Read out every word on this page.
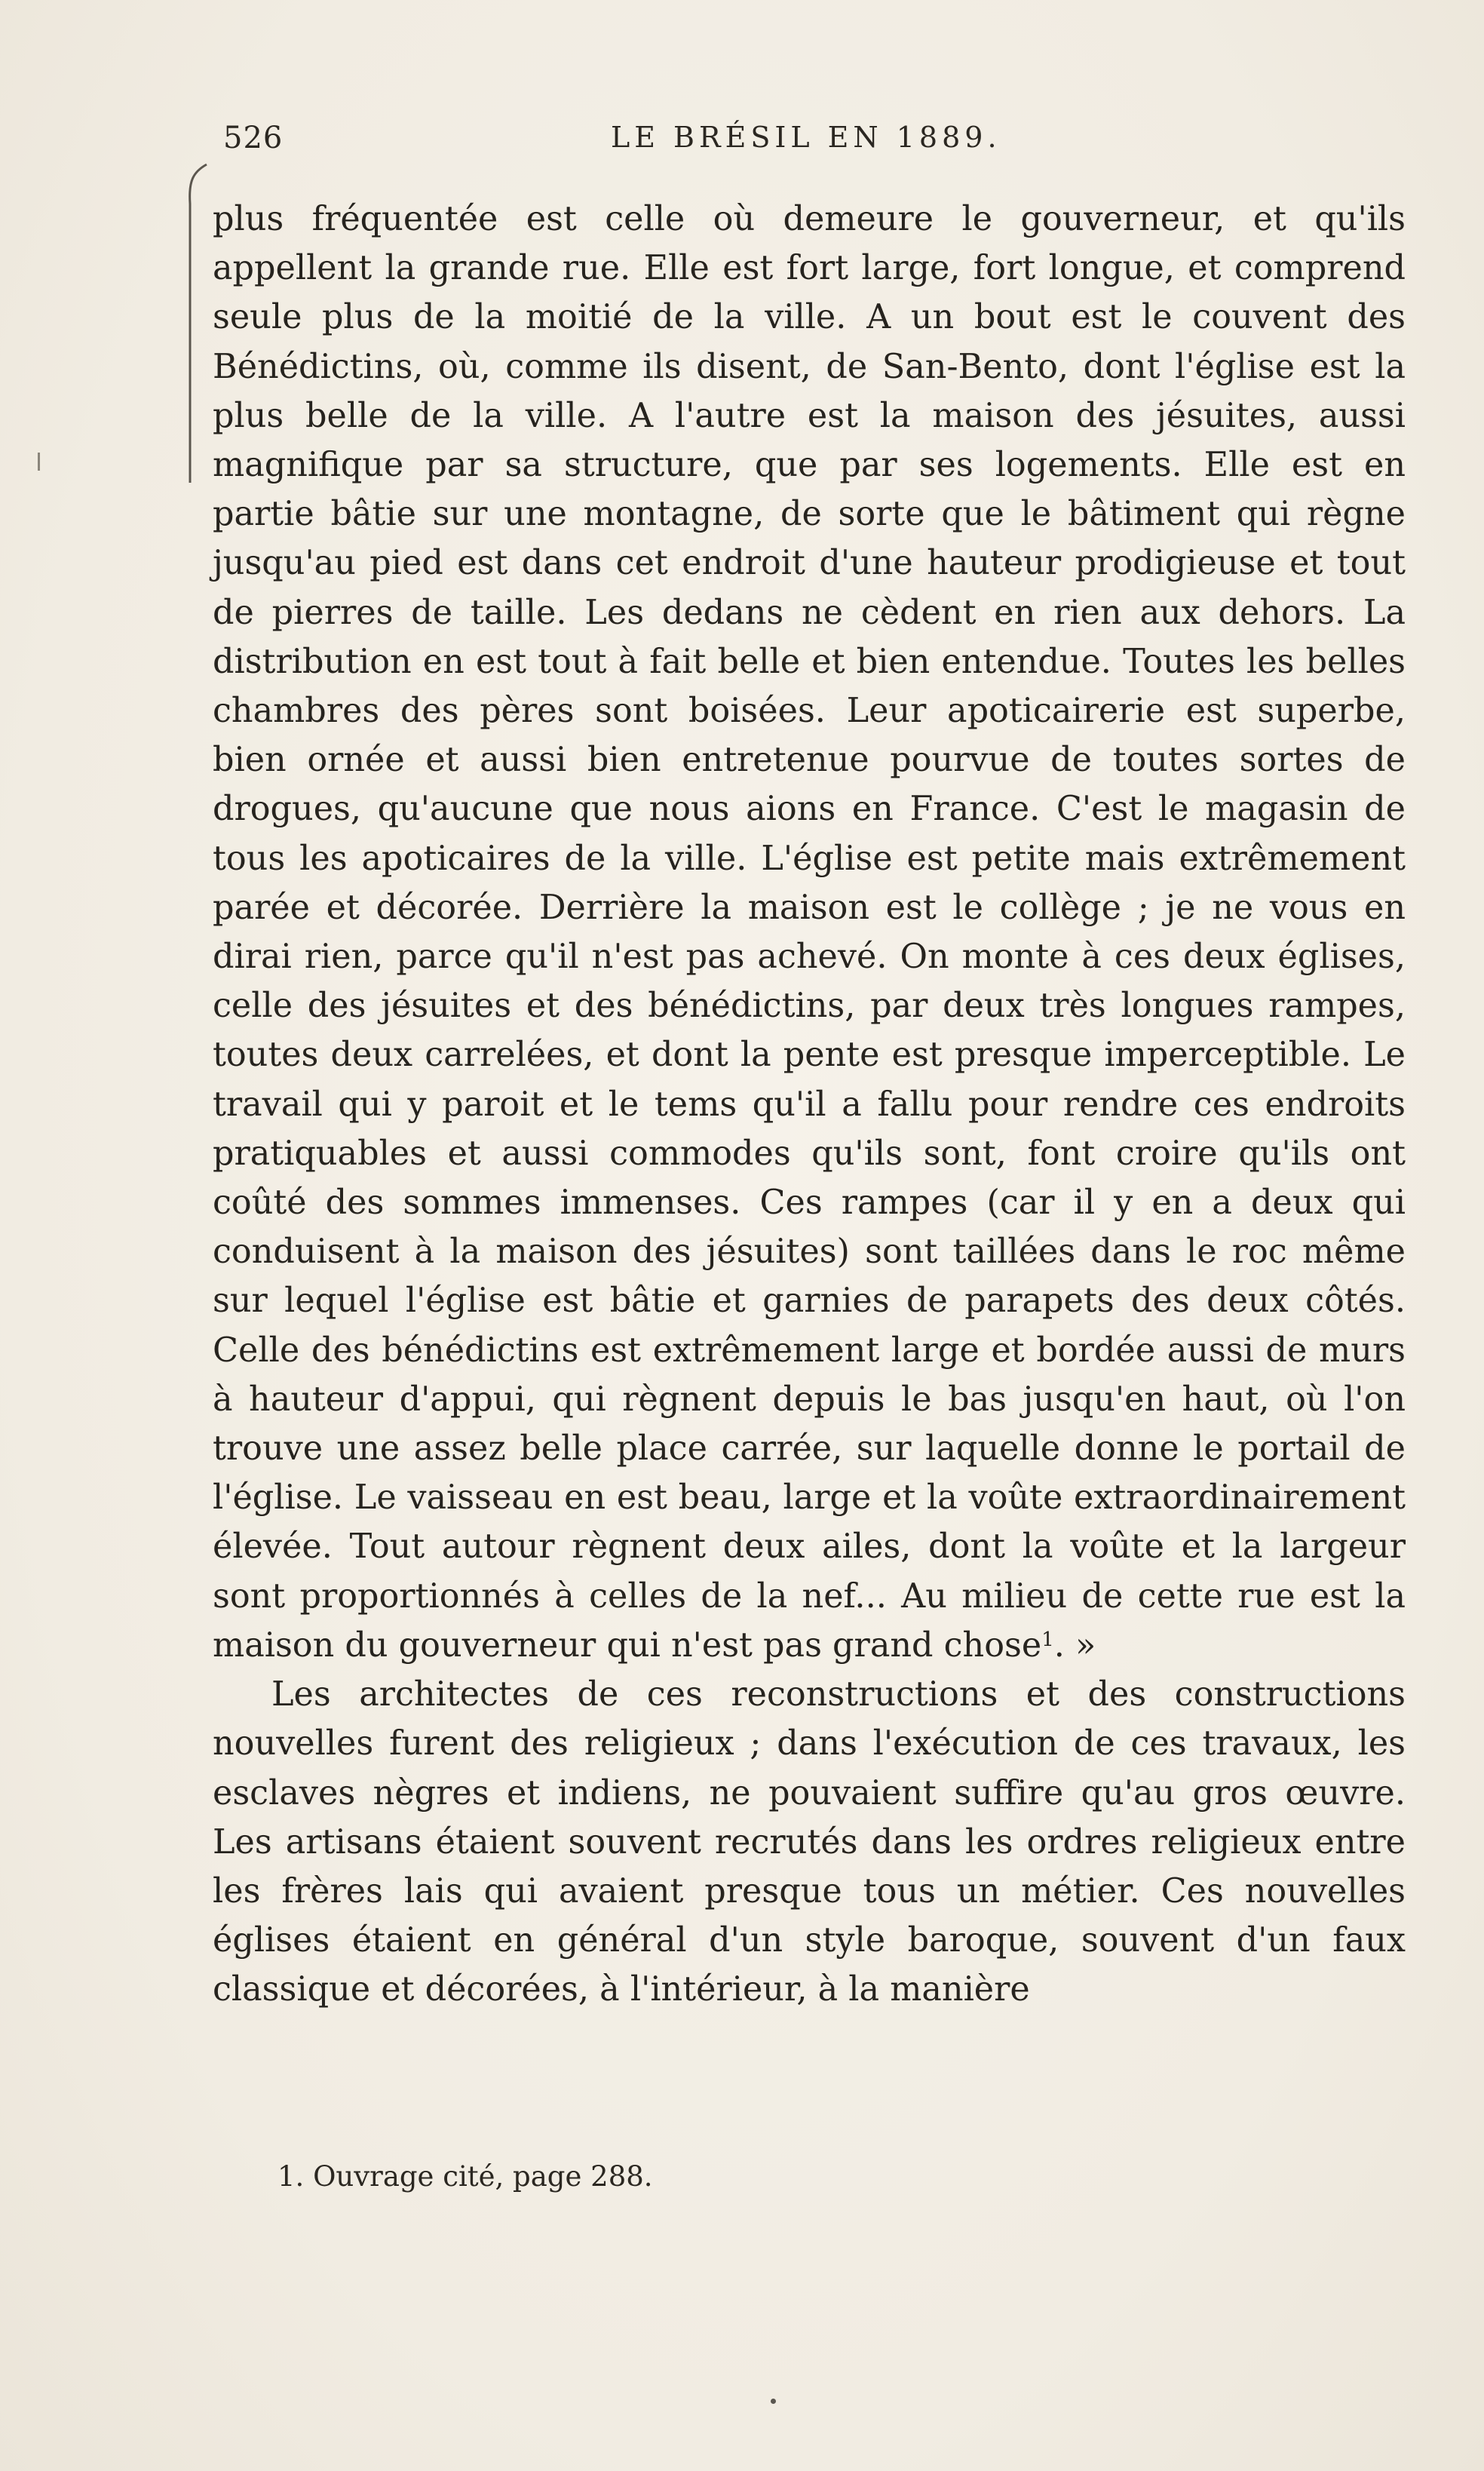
526	LE BRÉSIL EN 1889.

plus fréquentée est celle où demeure le gouverneur, et qu'ils appellent la grande rue. Elle est fort large, fort longue, et comprend seule plus de la moitié de la ville. A un bout est le couvent des Bénédictins, où, comme ils disent, de San-Bento, dont l'église est la plus belle de la ville. A l'autre est la maison des jésuites, aussi magnifique par sa structure, que par ses logements. Elle est en partie bâtie sur une montagne, de sorte que le bâtiment qui règne jusqu'au pied est dans cet endroit d'une hauteur prodigieuse et tout de pierres de taille. Les dedans ne cèdent en rien aux dehors. La distribution en est tout à fait belle et bien entendue. Toutes les belles chambres des pères sont boisées. Leur apoticairerie est superbe, bien ornée et aussi bien entretenue pourvue de toutes sortes de drogues, qu'aucune que nous aions en France. C'est le magasin de tous les apoticaires de la ville. L'église est petite mais extrêmement parée et décorée. Derrière la maison est le collège ; je ne vous en dirai rien, parce qu'il n'est pas achevé. On monte à ces deux églises, celle des jésuites et des bénédictins, par deux très longues rampes, toutes deux carrelées, et dont la pente est presque imperceptible. Le travail qui y paroit et le tems qu'il a fallu pour rendre ces endroits pratiquables et aussi commodes qu'ils sont, font croire qu'ils ont coûté des sommes immenses. Ces rampes (car il y en a deux qui conduisent à la maison des jésuites) sont taillées dans le roc même sur lequel l'église est bâtie et garnies de parapets des deux côtés. Celle des bénédictins est extrêmement large et bordée aussi de murs à hauteur d'appui, qui règnent depuis le bas jusqu'en haut, où l'on trouve une assez belle place carrée, sur laquelle donne le portail de l'église. Le vaisseau en est beau, large et la voûte extraordinairement élevée. Tout autour règnent deux ailes, dont la voûte et la largeur sont proportionnés à celles de la nef... Au milieu de cette rue est la maison du gouverneur qui n'est pas grand chose$^1$. »

Les architectes de ces reconstructions et des constructions nouvelles furent des religieux ; dans l'exécution de ces travaux, les esclaves nègres et indiens, ne pouvaient suffire qu'au gros œuvre. Les artisans étaient souvent recrutés dans les ordres religieux entre les frères lais qui avaient presque tous un métier. Ces nouvelles églises étaient en général d'un style baroque, souvent d'un faux classique et décorées, à l'intérieur, à la manière

1. Ouvrage cité, page 288.
